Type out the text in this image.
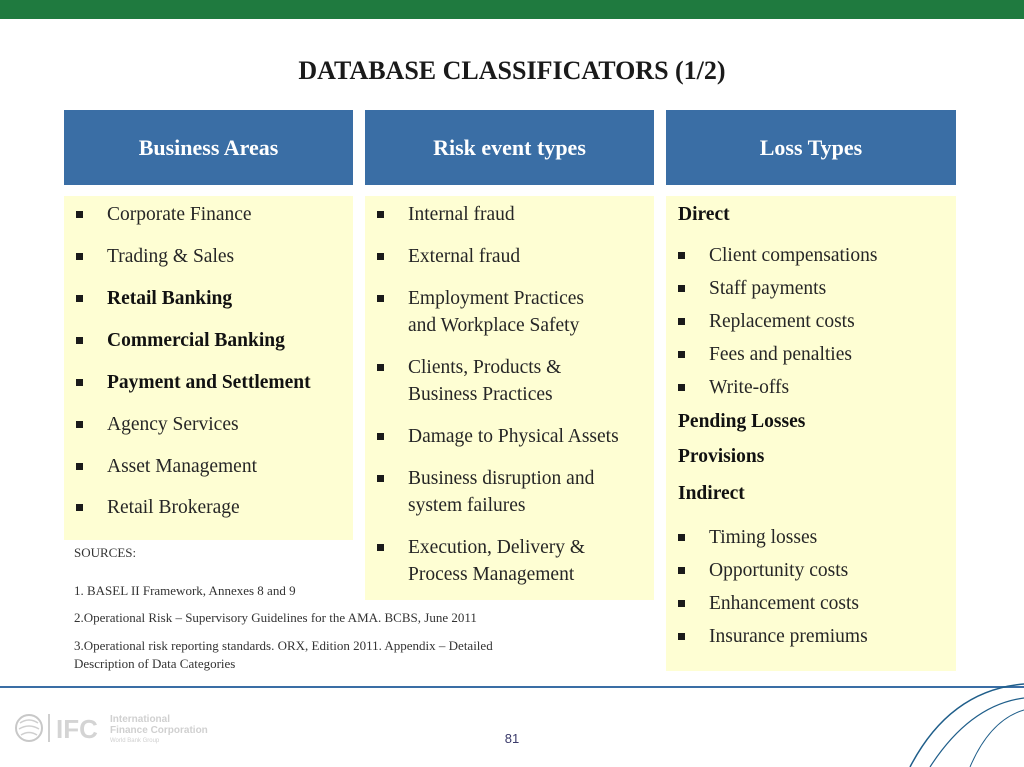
DATABASE CLASSIFICATORS (1/2)
Business Areas	Risk event types	Loss Types
Corporate Finance
Trading & Sales
Retail Banking
Commercial Banking
Payment and Settlement
Agency Services
Asset Management
Retail Brokerage
Internal fraud
External fraud
Employment Practices
and Workplace Safety
Clients, Products &
Business Practices
Damage to Physical Assets
Business disruption and
system failures
Execution, Delivery &
Process Management
Direct
Client compensations
Staff payments
Replacement costs
Fees and penalties
Write-offs
Pending Losses
Provisions
Indirect
Timing losses
Opportunity costs
Enhancement costs
Insurance premiums
SOURCES:
1. BASEL II Framework, Annexes 8 and 9
2.Operational Risk – Supervisory Guidelines for the AMA. BCBS, June 2011
3.Operational risk reporting standards. ORX, Edition 2011. Appendix – Detailed
Description of Data Categories
IFC International
Finance Corporation
World Bank Group	81
